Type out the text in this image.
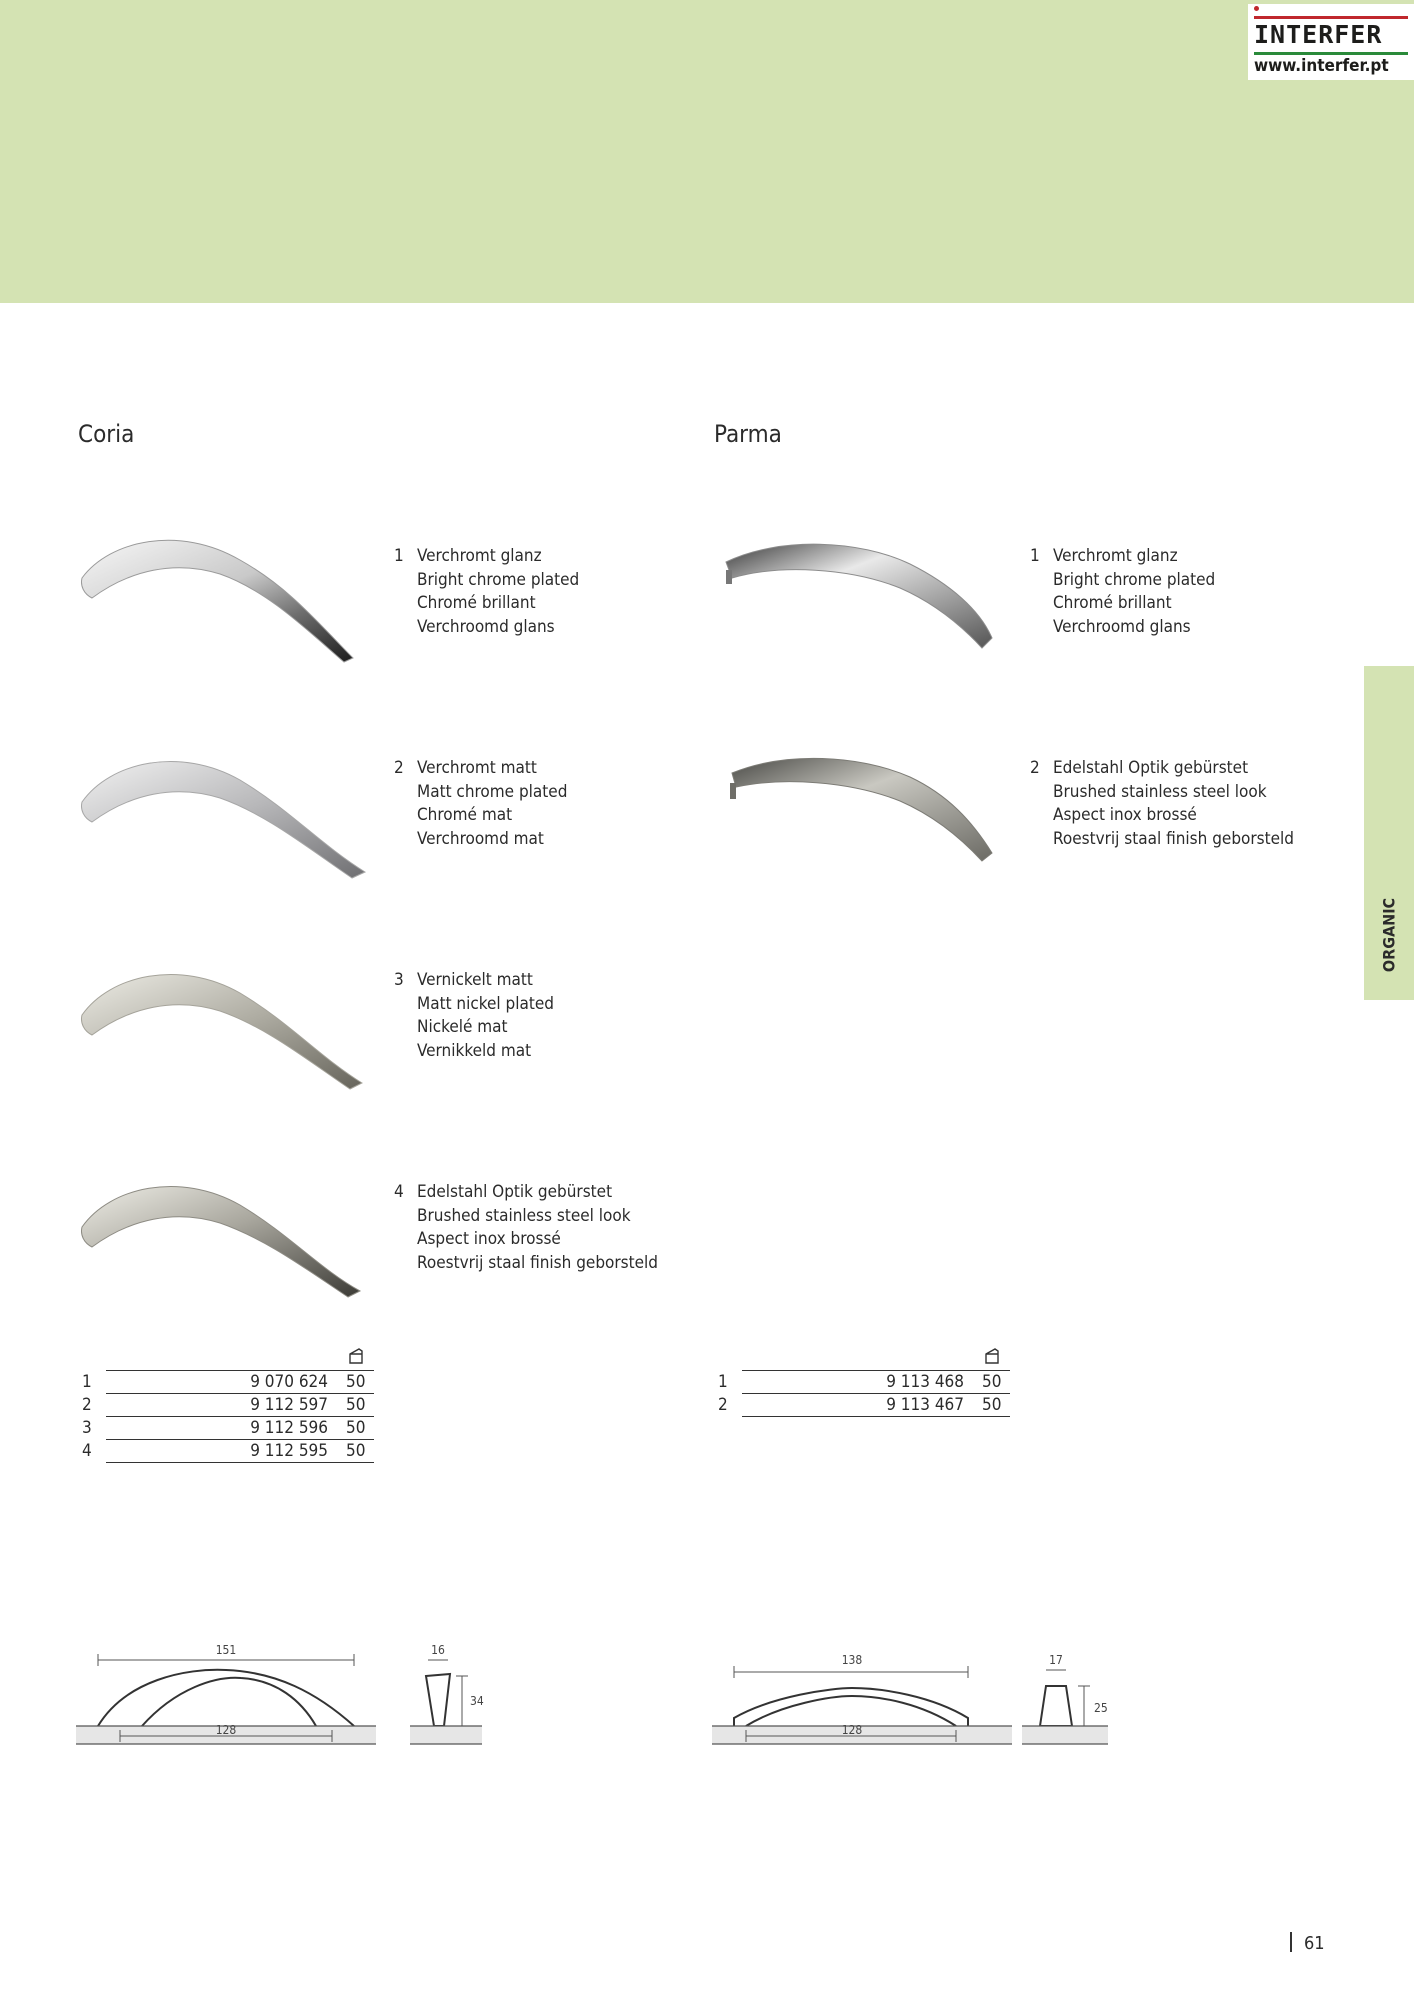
INTERFER
www.interfer.pt
ORGANIC
Coria
1 Verchromt glanz
Bright chrome plated
Chromé brillant
Verchroomd glans
2 Verchromt matt
Matt chrome plated
Chromé mat
Verchroomd mat
3 Vernickelt matt
Matt nickel plated
Nickelé mat
Vernikkeld mat
4 Edelstahl Optik gebürstet
Brushed stainless steel look
Aspect inox brossé
Roestvrij staal finish geborsteld
1	9 070 624	50
2	9 112 597	50
3	9 112 596	50
4	9 112 595	50
151
128
16
34
Parma
1 Verchromt glanz
Bright chrome plated
Chromé brillant
Verchroomd glans
2 Edelstahl Optik gebürstet
Brushed stainless steel look
Aspect inox brossé
Roestvrij staal finish geborsteld
1	9 113 468	50
2	9 113 467	50
138
128
17
25
61
